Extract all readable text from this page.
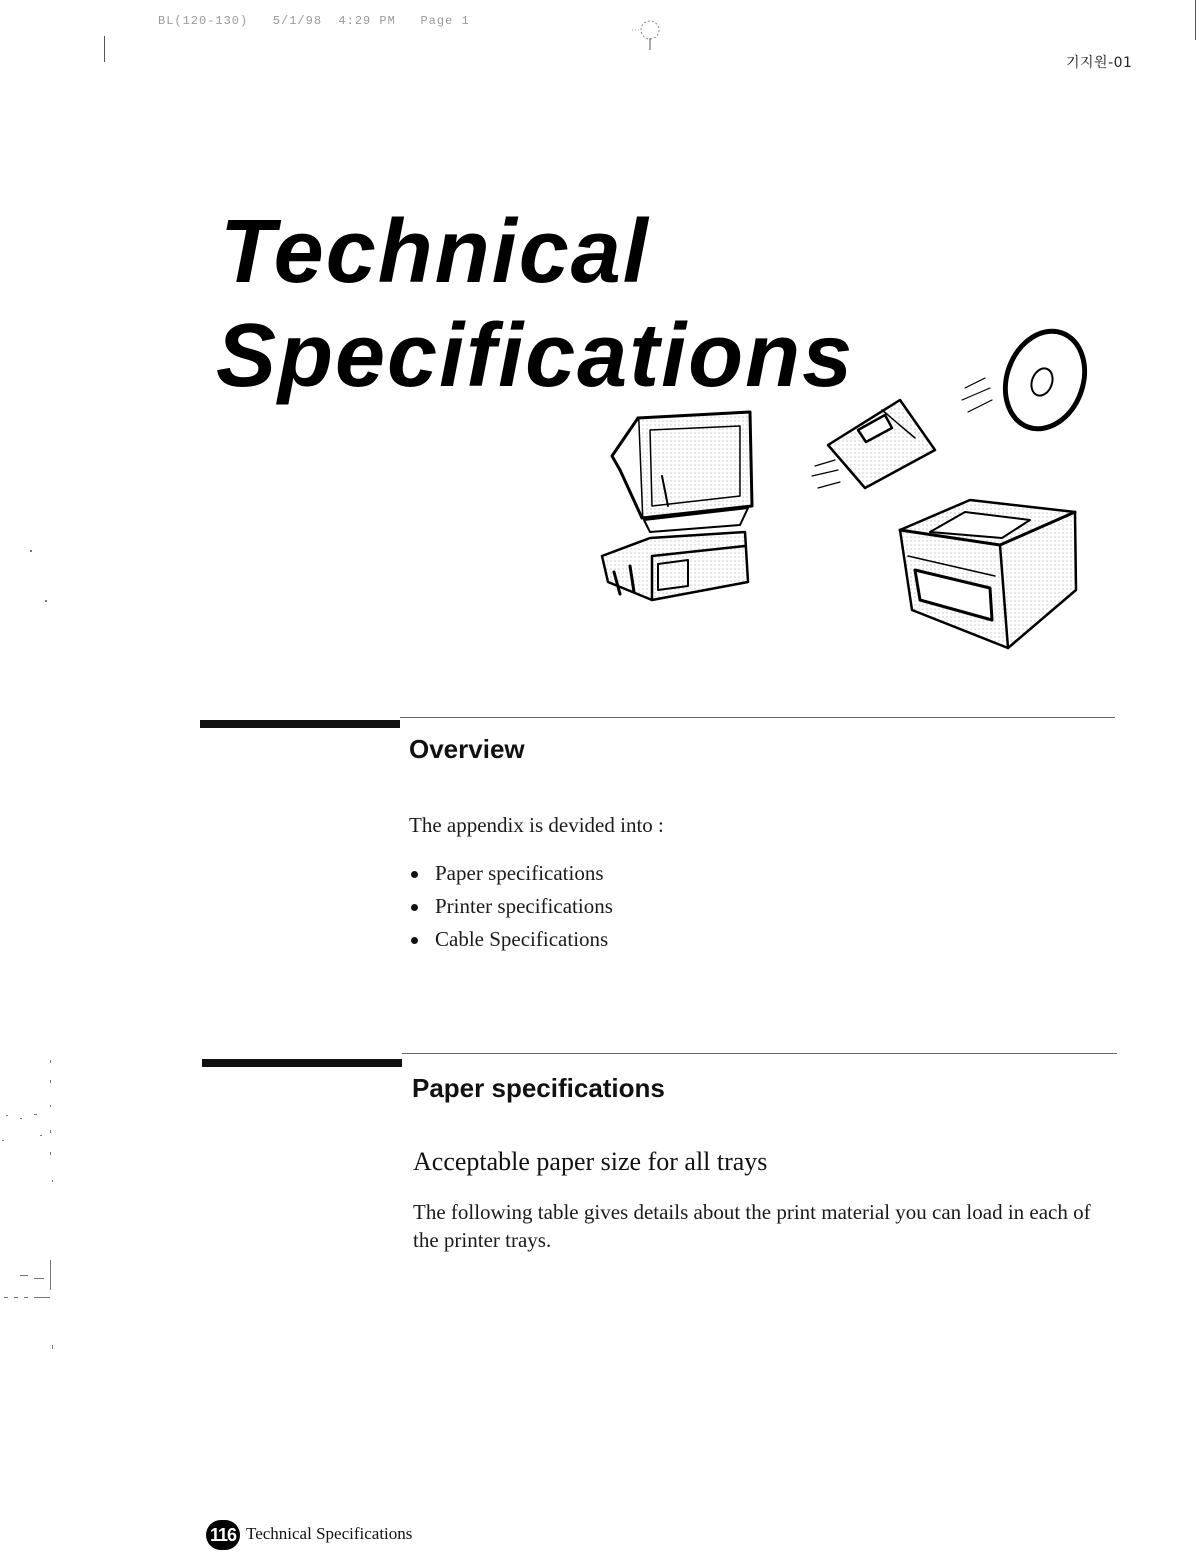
BL(120-130)   5/1/98  4:29 PM   Page 1
기지원-01
Technical
Specifications
Overview
The appendix is devided into :
Paper specifications
Printer specifications
Cable Specifications
Paper specifications
Acceptable paper size for all trays
The following table gives details about the print material you can load in each of the printer trays.
116 Technical Specifications
